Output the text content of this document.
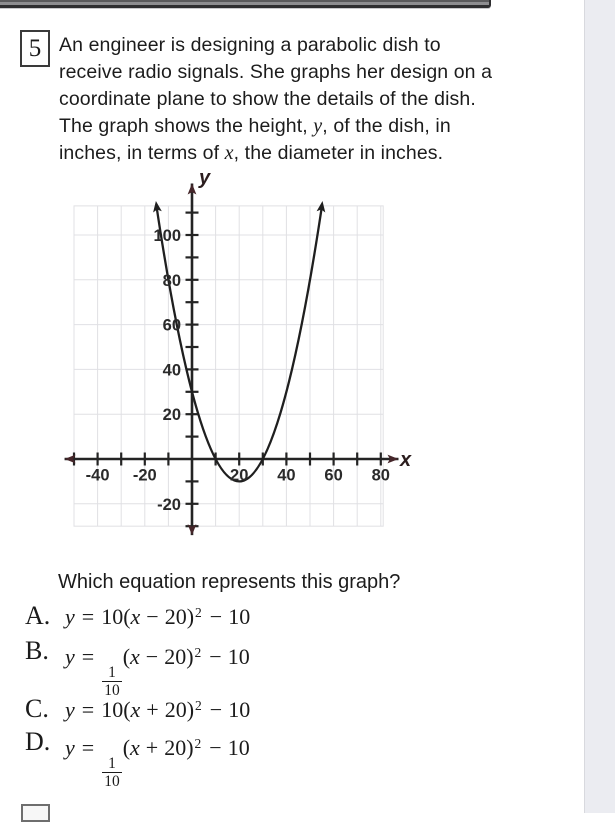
5 An engineer is designing a parabolic dish to
receive radio signals. She graphs her design on a
coordinate plane to show the details of the dish.
The graph shows the height, y, of the dish, in
inches, in terms of x, the diameter in inches.
-40 -20	20 40 60 80
100
80
60
40
20
-20
x
y
Which equation represents this graph?
A. $y = 10(x - 20)^2 - 10$
B. y =
$\frac{1}{10}$
$(x - 20)^2 - 10$
C. $y = 10(x + 20)^2 - 10$
D. y =
$\frac{1}{10}$
$(x + 20)^2 - 10$
